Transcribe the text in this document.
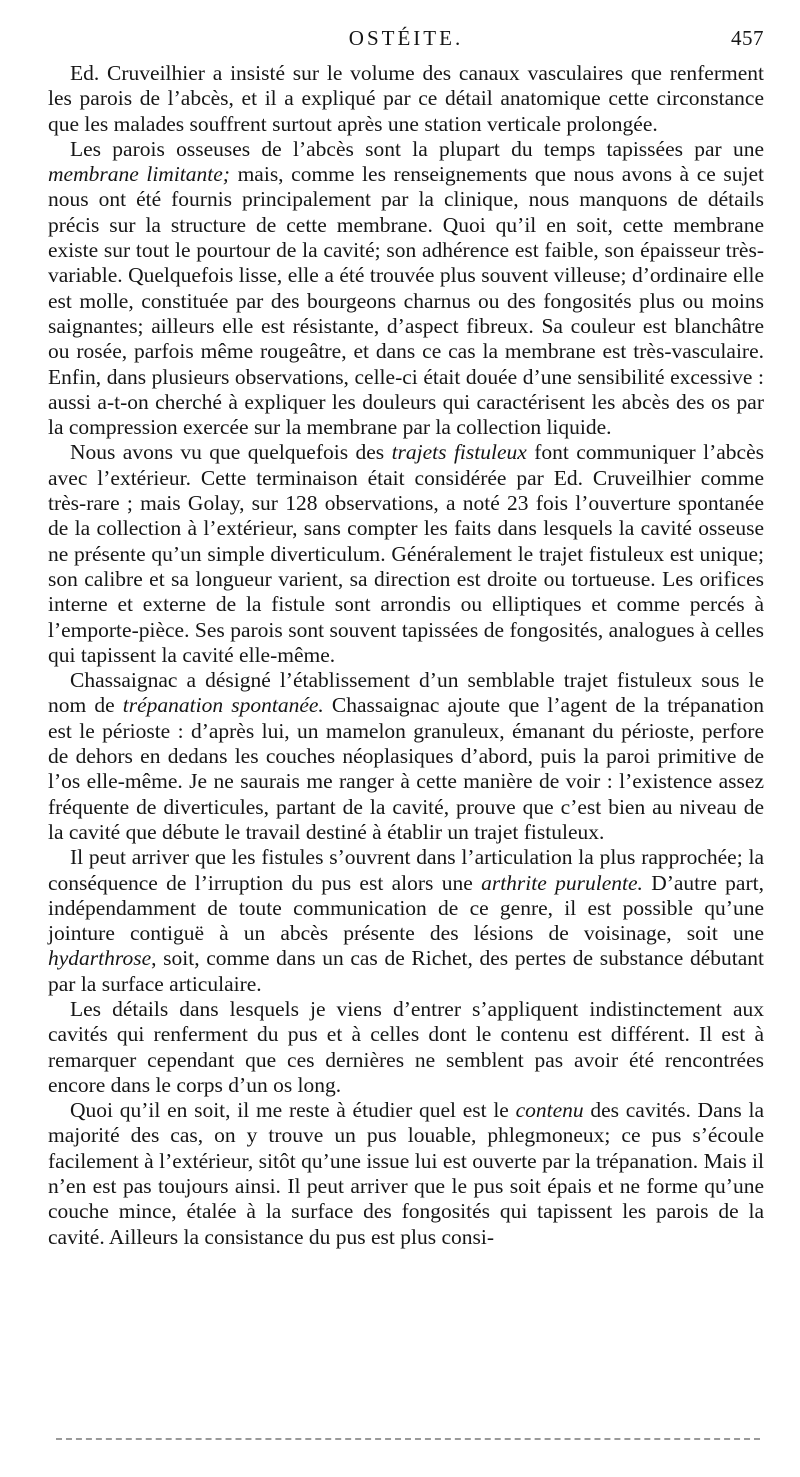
OSTÉITE.	457

Ed. Cruveilhier a insisté sur le volume des canaux vasculaires que renferment les parois de l’abcès, et il a expliqué par ce détail anatomique cette circonstance que les malades souffrent surtout après une station verticale prolongée.

Les parois osseuses de l’abcès sont la plupart du temps tapissées par une membrane limitante; mais, comme les renseignements que nous avons à ce sujet nous ont été fournis principalement par la clinique, nous manquons de détails précis sur la structure de cette membrane. Quoi qu’il en soit, cette membrane existe sur tout le pourtour de la cavité; son adhérence est faible, son épaisseur très-variable. Quelquefois lisse, elle a été trouvée plus souvent villeuse; d’ordinaire elle est molle, constituée par des bourgeons charnus ou des fongosités plus ou moins saignantes; ailleurs elle est résistante, d’aspect fibreux. Sa couleur est blanchâtre ou rosée, parfois même rougeâtre, et dans ce cas la membrane est très-vasculaire. Enfin, dans plusieurs observations, celle-ci était douée d’une sensibilité excessive : aussi a-t-on cherché à expliquer les douleurs qui caractérisent les abcès des os par la compression exercée sur la membrane par la collection liquide.

Nous avons vu que quelquefois des trajets fistuleux font communiquer l’abcès avec l’extérieur. Cette terminaison était considérée par Ed. Cruveilhier comme très-rare ; mais Golay, sur 128 observations, a noté 23 fois l’ouverture spontanée de la collection à l’extérieur, sans compter les faits dans lesquels la cavité osseuse ne présente qu’un simple diverticulum. Généralement le trajet fistuleux est unique; son calibre et sa longueur varient, sa direction est droite ou tortueuse. Les orifices interne et externe de la fistule sont arrondis ou elliptiques et comme percés à l’emporte-pièce. Ses parois sont souvent tapissées de fongosités, analogues à celles qui tapissent la cavité elle-même.

Chassaignac a désigné l’établissement d’un semblable trajet fistuleux sous le nom de trépanation spontanée. Chassaignac ajoute que l’agent de la trépanation est le périoste : d’après lui, un mamelon granuleux, émanant du périoste, perfore de dehors en dedans les couches néoplasiques d’abord, puis la paroi primitive de l’os elle-même. Je ne saurais me ranger à cette manière de voir : l’existence assez fréquente de diverticules, partant de la cavité, prouve que c’est bien au niveau de la cavité que débute le travail destiné à établir un trajet fistuleux.

Il peut arriver que les fistules s’ouvrent dans l’articulation la plus rapprochée; la conséquence de l’irruption du pus est alors une arthrite purulente. D’autre part, indépendamment de toute communication de ce genre, il est possible qu’une jointure contiguë à un abcès présente des lésions de voisinage, soit une hydarthrose, soit, comme dans un cas de Richet, des pertes de substance débutant par la surface articulaire.

Les détails dans lesquels je viens d’entrer s’appliquent indistinctement aux cavités qui renferment du pus et à celles dont le contenu est différent. Il est à remarquer cependant que ces dernières ne semblent pas avoir été rencontrées encore dans le corps d’un os long.

Quoi qu’il en soit, il me reste à étudier quel est le contenu des cavités. Dans la majorité des cas, on y trouve un pus louable, phlegmoneux; ce pus s’écoule facilement à l’extérieur, sitôt qu’une issue lui est ouverte par la trépanation. Mais il n’en est pas toujours ainsi. Il peut arriver que le pus soit épais et ne forme qu’une couche mince, étalée à la surface des fongosités qui tapissent les parois de la cavité. Ailleurs la consistance du pus est plus consi-
